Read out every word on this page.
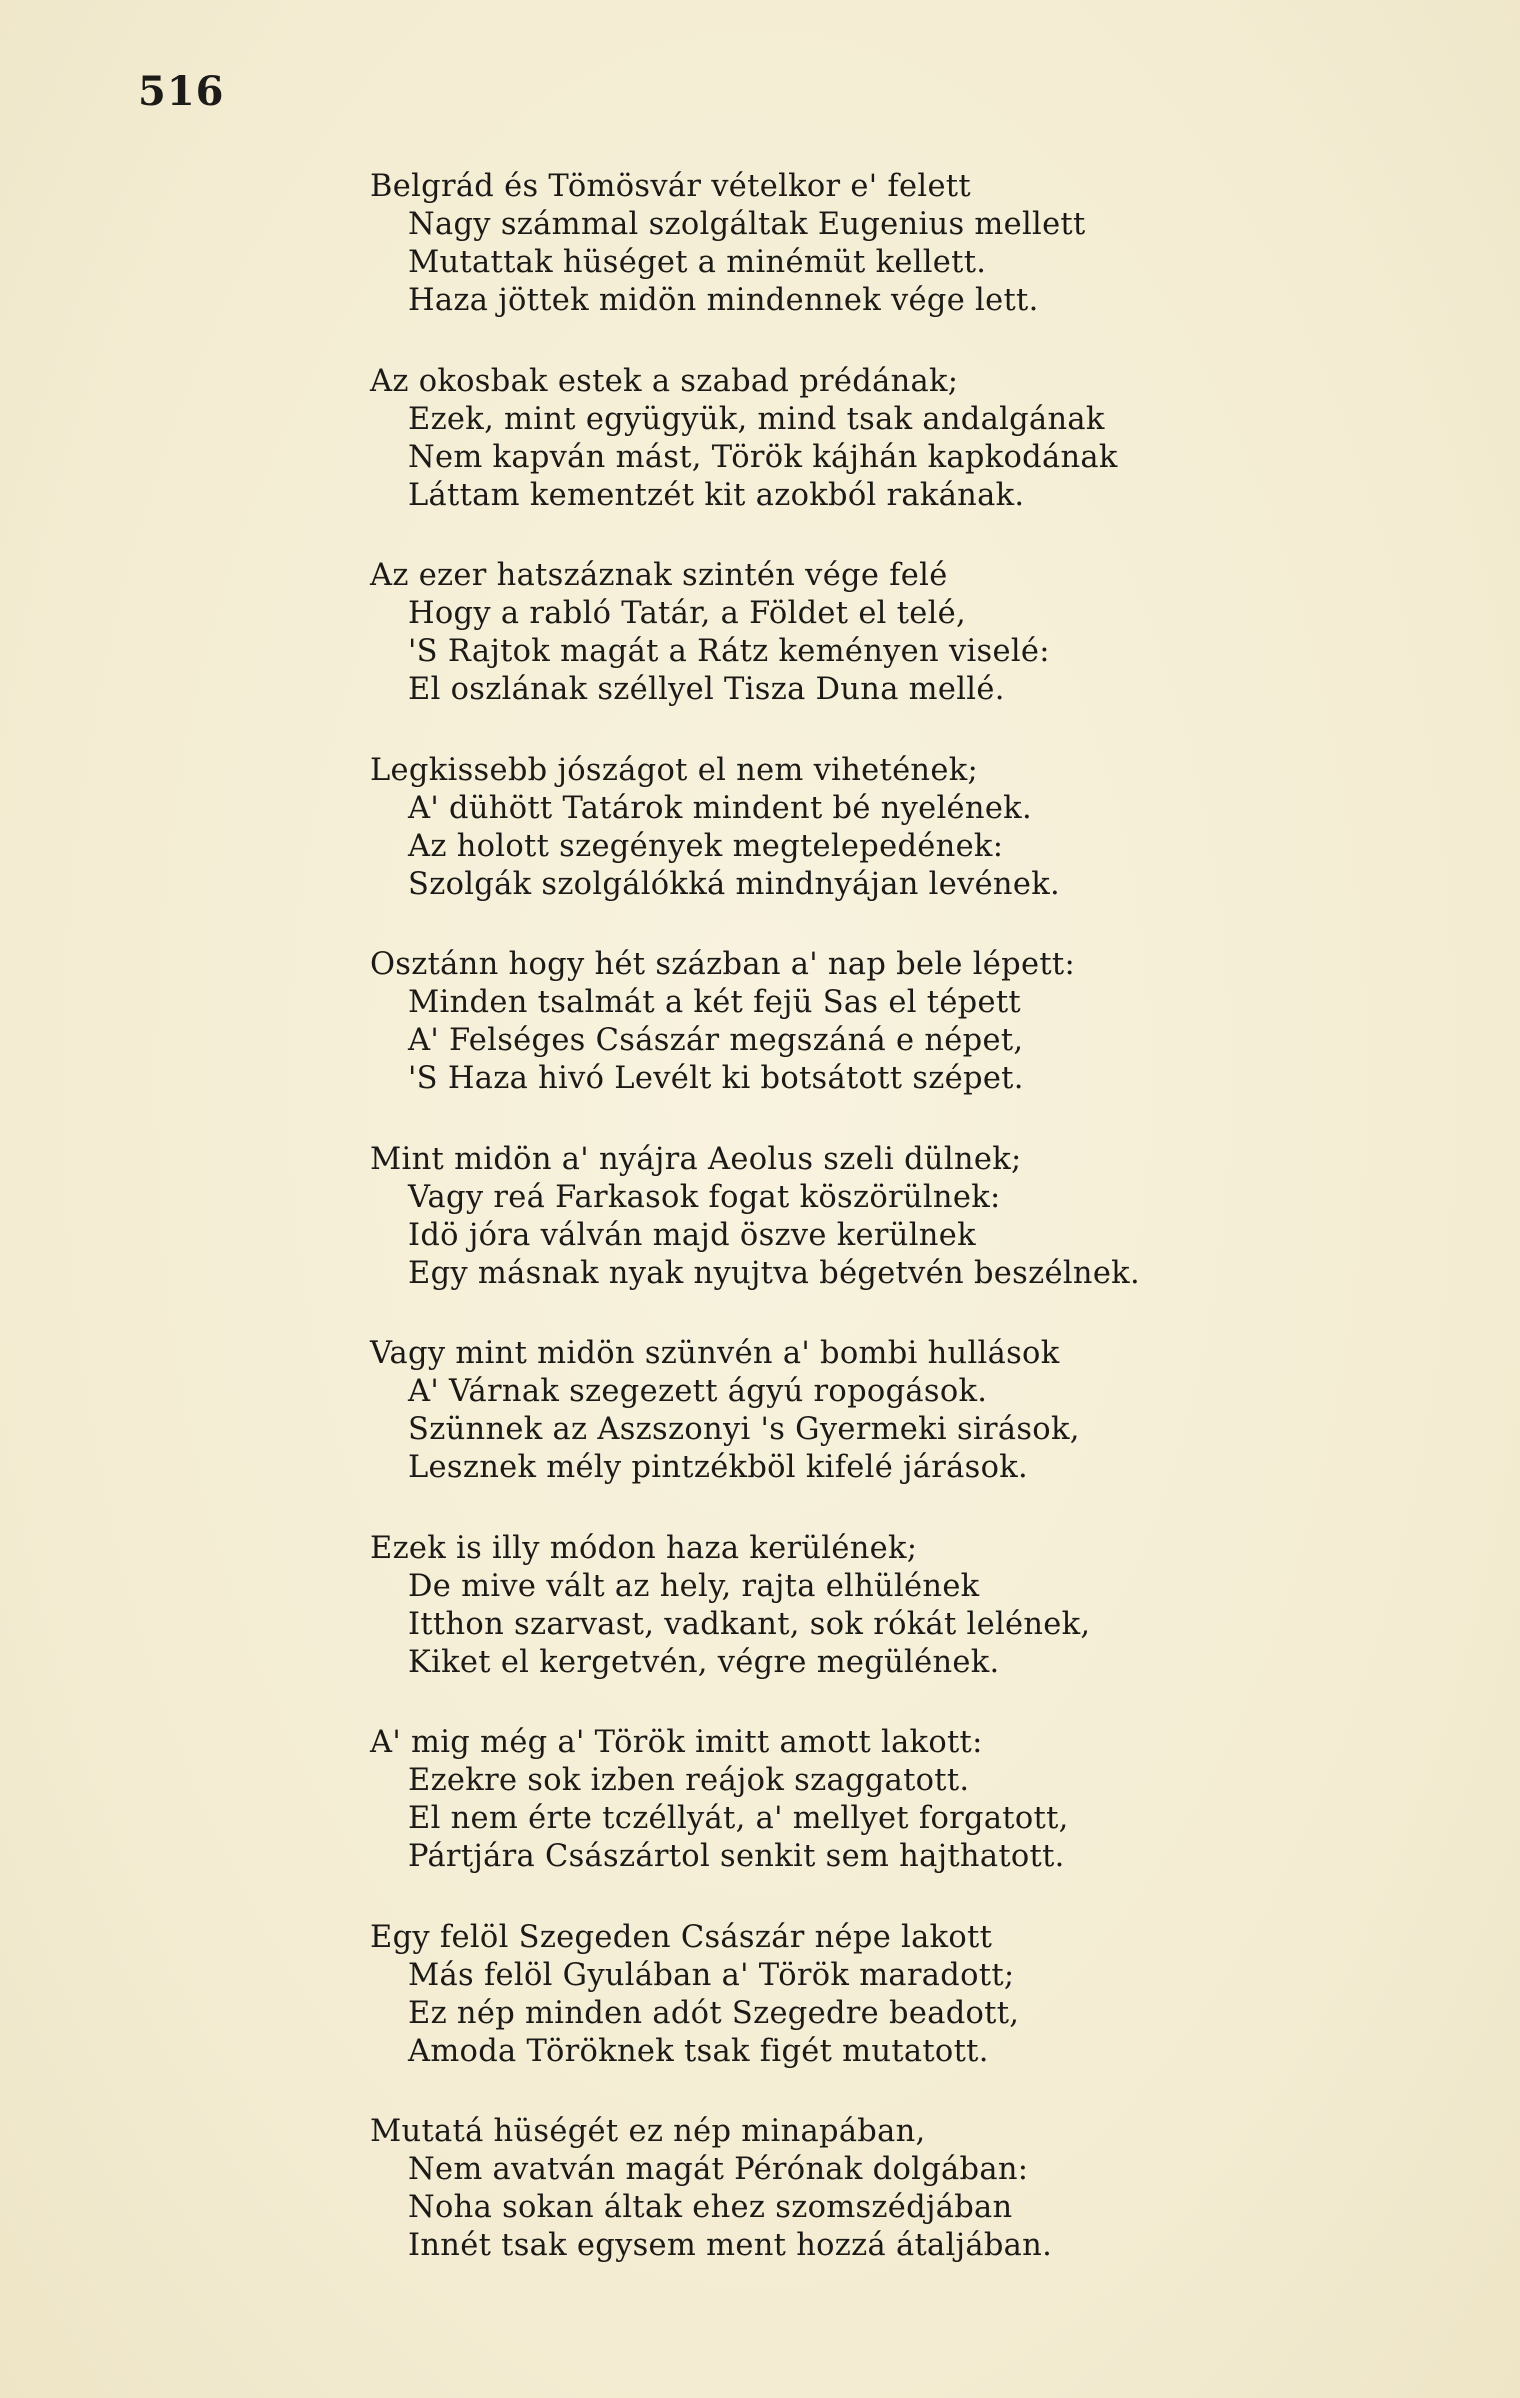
516
Belgrád és Tömösvár vételkor e' felett
Nagy számmal szolgáltak Eugenius mellett
Mutattak hüséget a minémüt kellett.
Haza jöttek midön mindennek vége lett.
Az okosbak estek a szabad prédának;
Ezek, mint együgyük, mind tsak andalgának
Nem kapván mást, Török kájhán kapkodának
Láttam kementzét kit azokból rakának.
Az ezer hatszáznak szintén vége felé
Hogy a rabló Tatár, a Földet el telé,
'S Rajtok magát a Rátz keményen viselé:
El oszlának széllyel Tisza Duna mellé.
Legkissebb jószágot el nem vihetének;
A' dühött Tatárok mindent bé nyelének.
Az holott szegények megtelepedének:
Szolgák szolgálókká mindnyájan levének.
Osztánn hogy hét százban a' nap bele lépett:
Minden tsalmát a két fejü Sas el tépett
A' Felséges Császár megszáná e népet,
'S Haza hivó Levélt ki botsátott szépet.
Mint midön a' nyájra Aeolus szeli dülnek;
Vagy reá Farkasok fogat köszörülnek:
Idö jóra válván majd öszve kerülnek
Egy másnak nyak nyujtva bégetvén beszélnek.
Vagy mint midön szünvén a' bombi hullások
A' Várnak szegezett ágyú ropogások.
Szünnek az Aszszonyi 's Gyermeki sirások,
Lesznek mély pintzékböl kifelé járások.
Ezek is illy módon haza kerülének;
De mive vált az hely, rajta elhülének
Itthon szarvast, vadkant, sok rókát lelének,
Kiket el kergetvén, végre megülének.
A' mig még a' Török imitt amott lakott:
Ezekre sok izben reájok szaggatott.
El nem érte tczéllyát, a' mellyet forgatott,
Pártjára Császártol senkit sem hajthatott.
Egy felöl Szegeden Császár népe lakott
Más felöl Gyulában a' Török maradott;
Ez nép minden adót Szegedre beadott,
Amoda Töröknek tsak figét mutatott.
Mutatá hüségét ez nép minapában,
Nem avatván magát Pérónak dolgában:
Noha sokan áltak ehez szomszédjában
Innét tsak egysem ment hozzá átaljában.
